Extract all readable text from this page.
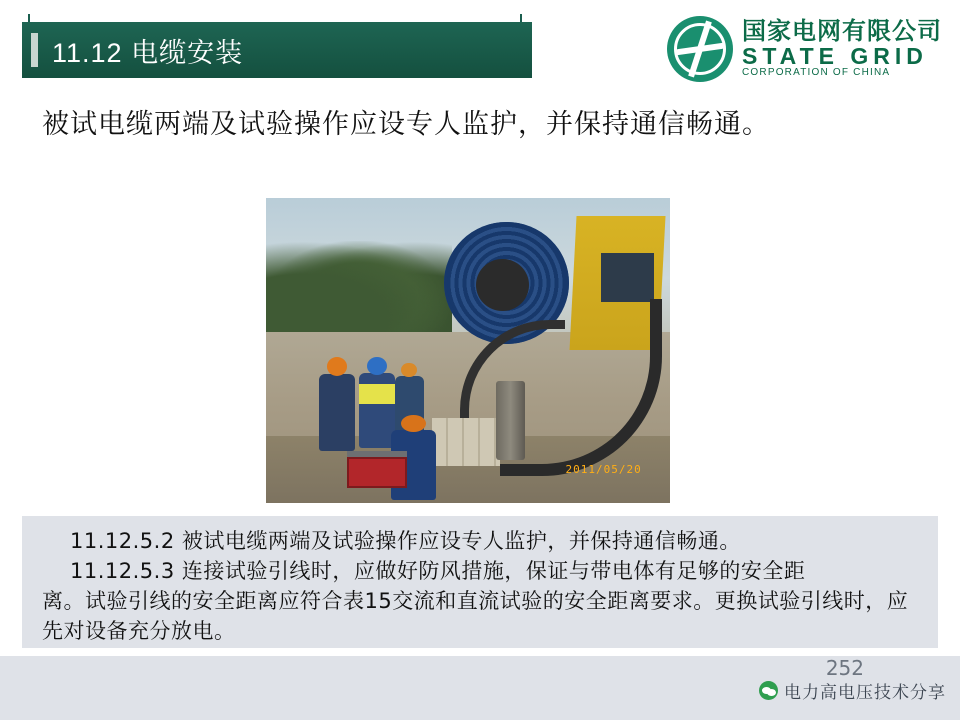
11.12 电缆安装
国家电网有限公司
STATE GRID
CORPORATION OF CHINA
被试电缆两端及试验操作应设专人监护，并保持通信畅通。
2011/05/20

11.12.5.2 被试电缆两端及试验操作应设专人监护，并保持通信畅通。

11.12.5.3 连接试验引线时，应做好防风措施，保证与带电体有足够的安全距
离。试验引线的安全距离应符合表15交流和直流试验的安全距离要求。更换试验引线时，应先对设备充分放电。

252
电力高电压技术分享
